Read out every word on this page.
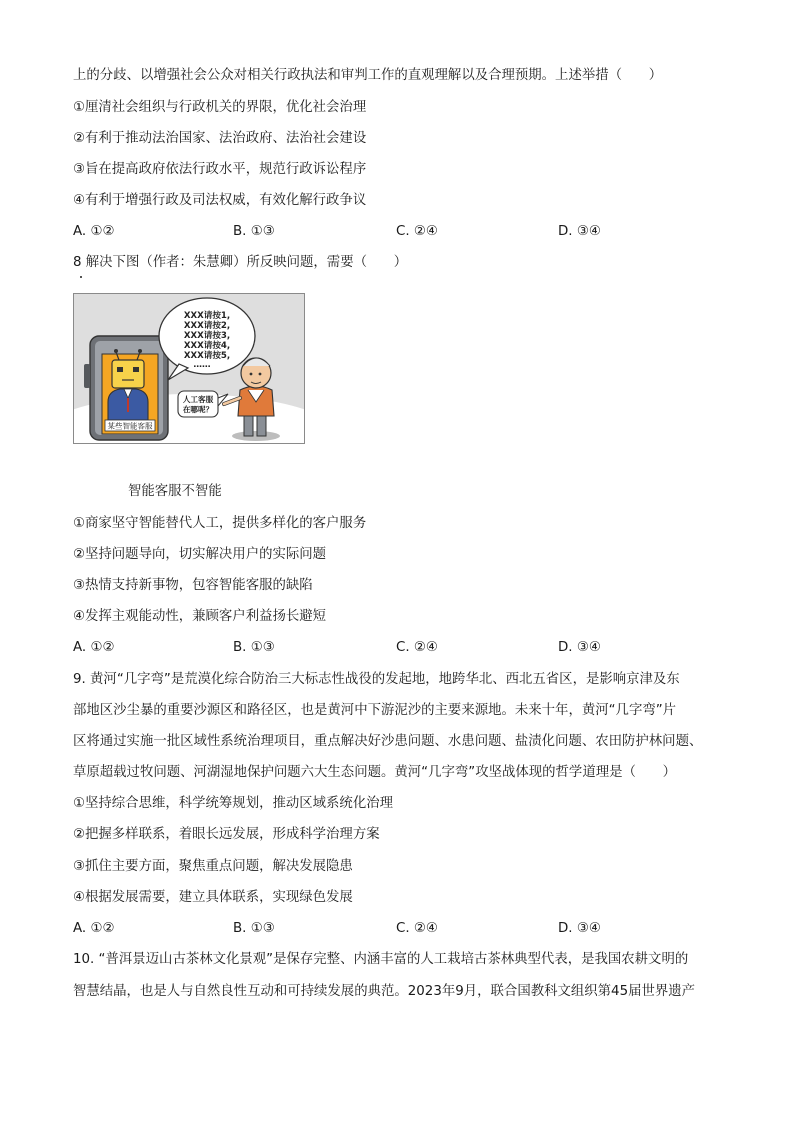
上的分歧、以增强社会公众对相关行政执法和审判工作的直观理解以及合理预期。上述举措（　　）
①厘清社会组织与行政机关的界限，优化社会治理
②有利于推动法治国家、法治政府、法治社会建设
③旨在提高政府依法行政水平，规范行政诉讼程序
④有利于增强行政及司法权威，有效化解行政争议
A. ①②	B. ①③	C. ②④	D. ③④
8 解决下图（作者：朱慧卿）所反映问题，需要（　　）
某些智能客服
XXX请按1,
XXX请按2,
XXX请按3,
XXX请按4,
XXX请按5,
……
人工客服
在哪呢？
智能客服不智能
①商家坚守智能替代人工，提供多样化的客户服务
②坚持问题导向，切实解决用户的实际问题
③热情支持新事物，包容智能客服的缺陷
④发挥主观能动性，兼顾客户利益扬长避短
A. ①②	B. ①③	C. ②④	D. ③④
9. 黄河“几字弯”是荒漠化综合防治三大标志性战役的发起地，地跨华北、西北五省区，是影响京津及东
部地区沙尘暴的重要沙源区和路径区，也是黄河中下游泥沙的主要来源地。未来十年，黄河“几字弯”片
区将通过实施一批区域性系统治理项目，重点解决好沙患问题、水患问题、盐渍化问题、农田防护林问题、
草原超载过牧问题、河湖湿地保护问题六大生态问题。黄河“几字弯”攻坚战体现的哲学道理是（　　）
①坚持综合思维，科学统筹规划，推动区域系统化治理
②把握多样联系，着眼长远发展，形成科学治理方案
③抓住主要方面，聚焦重点问题，解决发展隐患
④根据发展需要，建立具体联系，实现绿色发展
A. ①②	B. ①③	C. ②④	D. ③④
10. “普洱景迈山古茶林文化景观”是保存完整、内涵丰富的人工栽培古茶林典型代表，是我国农耕文明的
智慧结晶，也是人与自然良性互动和可持续发展的典范。2023年9月，联合国教科文组织第45届世界遗产
